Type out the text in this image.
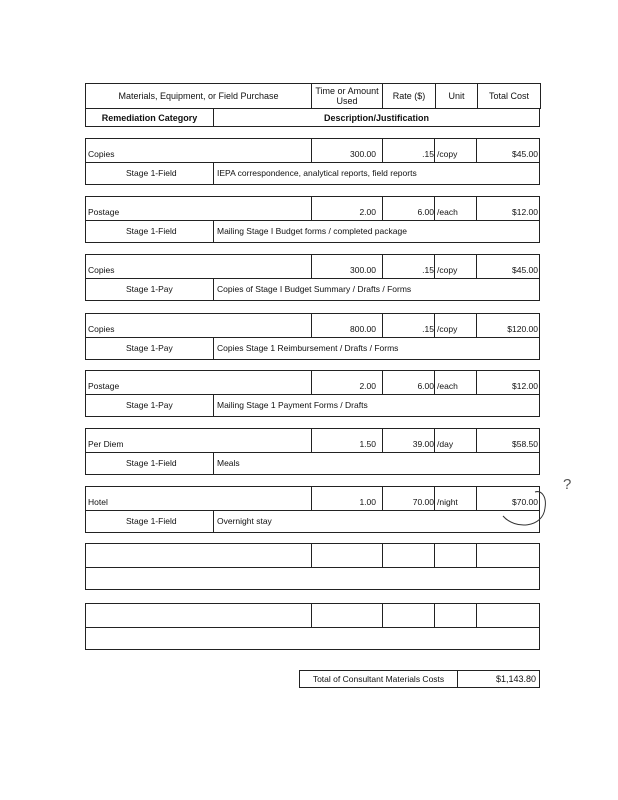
Materials, Equipment, or Field Purchase	Time or Amount Used	Rate ($)	Unit	Total Cost
Remediation Category	Description/Justification
Copies	300.00	.15 /copy	$45.00
Stage 1-Field	IEPA correspondence, analytical reports, field reports
Postage	2.00	6.00 /each	$12.00
Stage 1-Field	Mailing Stage I Budget forms / completed package
Copies	300.00	.15 /copy	$45.00
Stage 1-Pay	Copies of Stage I Budget Summary / Drafts / Forms
Copies	800.00	.15 /copy	$120.00
Stage 1-Pay	Copies Stage 1 Reimbursement / Drafts / Forms
Postage	2.00	6.00 /each	$12.00
Stage 1-Pay	Mailing Stage 1 Payment Forms / Drafts
Per Diem	1.50	39.00 /day	$58.50
Stage 1-Field	Meals
Hotel	1.00	70.00 /night	$70.00
Stage 1-Field	Overnight stay
Total of Consultant Materials Costs	$1,143.80
?
